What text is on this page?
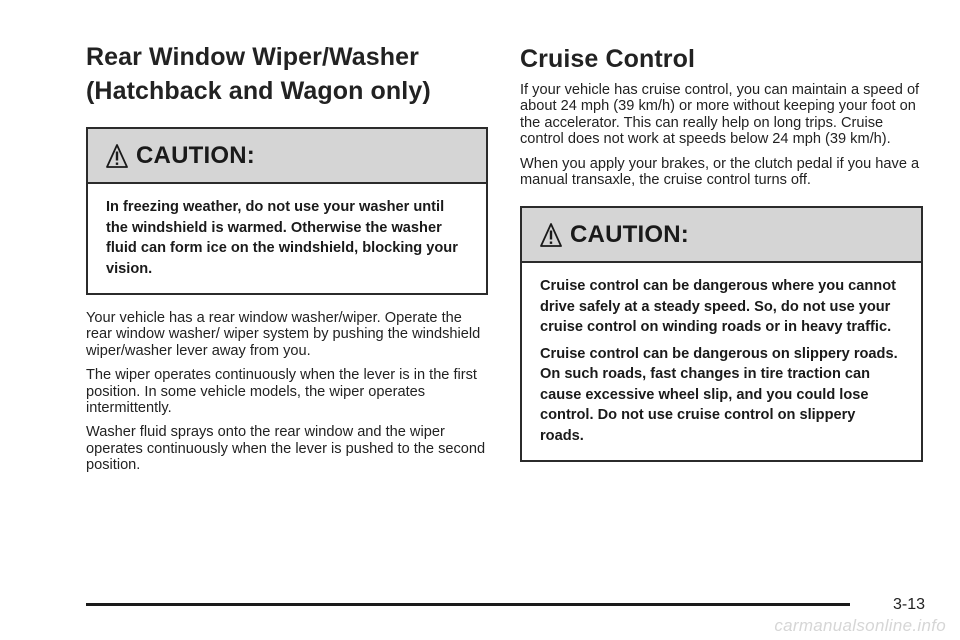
Rear Window Wiper/Washer
(Hatchback and Wagon only)
CAUTION:

In freezing weather, do not use your washer until the windshield is warmed. Otherwise the washer fluid can form ice on the windshield, blocking your vision.

Your vehicle has a rear window washer/wiper. Operate the rear window washer/ wiper system by pushing the windshield wiper/washer lever away from you.

The wiper operates continuously when the lever is in the first position. In some vehicle models, the wiper operates intermittently.

Washer fluid sprays onto the rear window and the wiper operates continuously when the lever is pushed to the second position.

Cruise Control

If your vehicle has cruise control, you can maintain a speed of about 24 mph (39 km/h) or more without keeping your foot on the accelerator. This can really help on long trips. Cruise control does not work at speeds below 24 mph (39 km/h).

When you apply your brakes, or the clutch pedal if you have a manual transaxle, the cruise control turns off.

CAUTION:

Cruise control can be dangerous where you cannot drive safely at a steady speed. So, do not use your cruise control on winding roads or in heavy traffic.

Cruise control can be dangerous on slippery roads. On such roads, fast changes in tire traction can cause excessive wheel slip, and you could lose control. Do not use cruise control on slippery roads.

3-13
carmanualsonline.info
